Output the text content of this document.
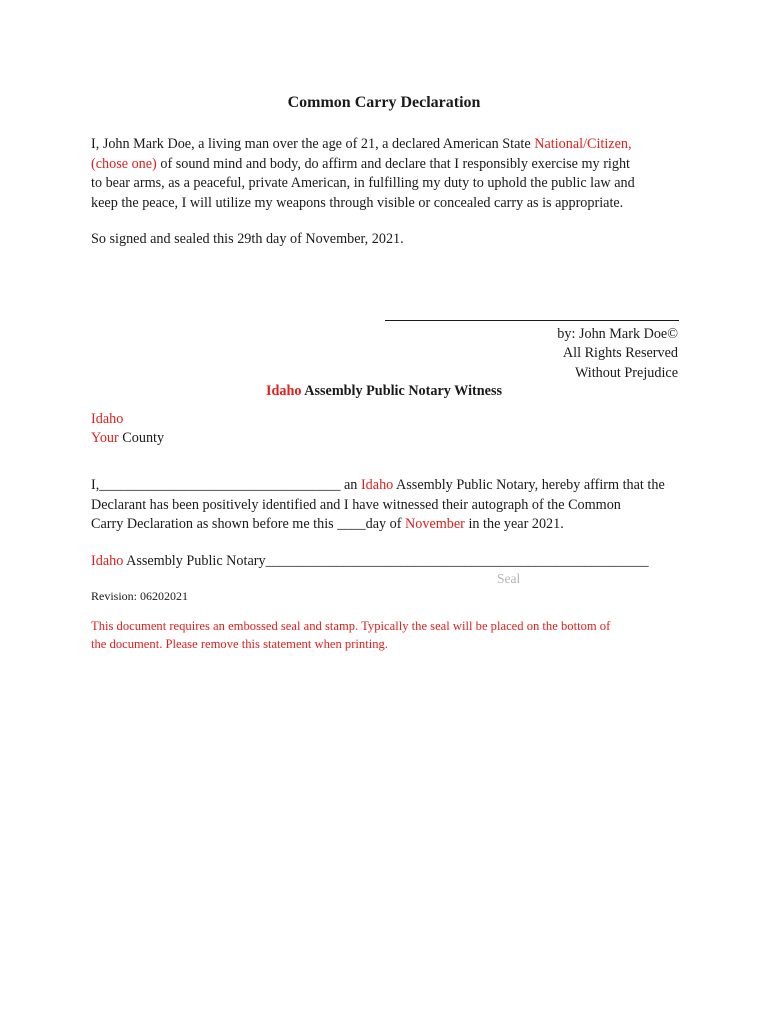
Common Carry Declaration
I, John Mark Doe, a living man over the age of 21, a declared American State National/Citizen,
(chose one) of sound mind and body, do affirm and declare that I responsibly exercise my right
to bear arms, as a peaceful, private American, in fulfilling my duty to uphold the public law and
keep the peace, I will utilize my weapons through visible or concealed carry as is appropriate.
So signed and sealed this 29th day of November, 2021.
by: John Mark Doe©
All Rights Reserved
Without Prejudice
Idaho Assembly Public Notary Witness
Idaho
Your County
I,__________________________________ an Idaho Assembly Public Notary, hereby affirm that the
Declarant has been positively identified and I have witnessed their autograph of the Common
Carry Declaration as shown before me this ____day of November in the year 2021.
Idaho Assembly Public Notary______________________________________________________
Seal
Revision: 06202021
This document requires an embossed seal and stamp. Typically the seal will be placed on the bottom of
the document. Please remove this statement when printing.
